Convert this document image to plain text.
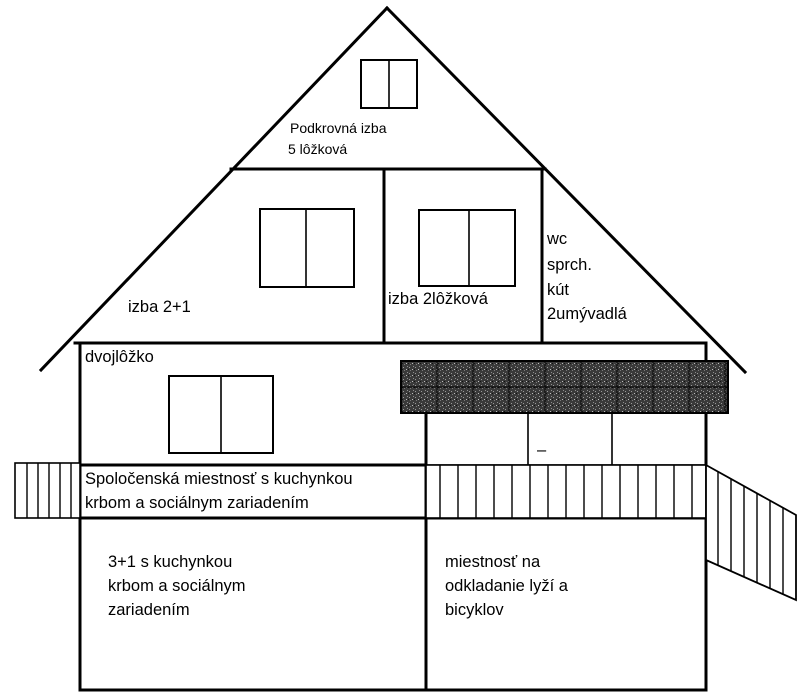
Podkrovná izba 5 lôžková
izba 2+1	izba 2lôžková
wc sprch. kút 2umývadlá
dvojlôžko
Spoločenská miestnosť s kuchynkou krbom a sociálnym zariadením
3+1 s kuchynkou krbom a sociálnym zariadením
miestnosť na odkladanie lyží a bicyklov
–
